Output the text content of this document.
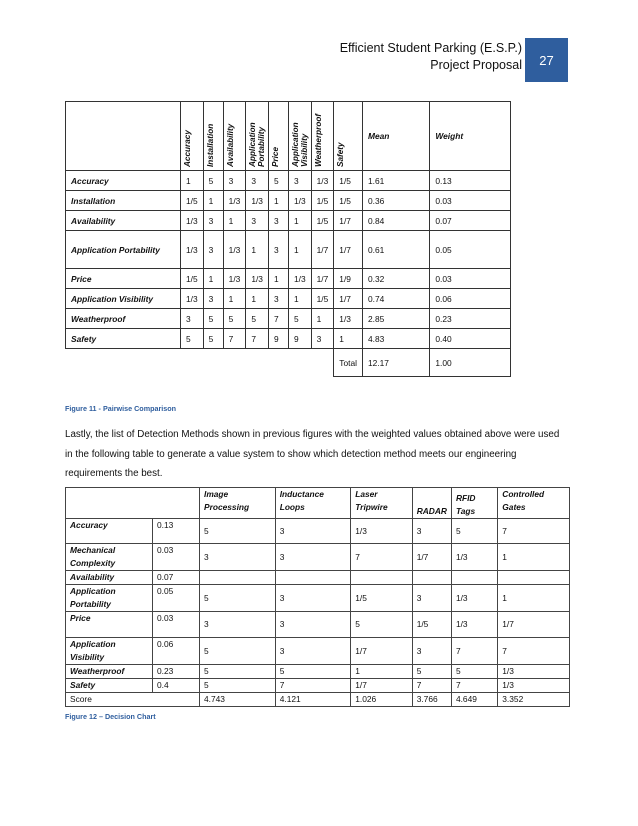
Efficient Student Parking (E.S.P.)
Project Proposal 27

	Accuracy	Installation	Availability	Application Portability	Price	Application Visibility	Weatherproof	Safety	Mean	Weight
Accuracy	1	5	3	3	5	3	1/3	1/5	1.61	0.13
Installation	1/5	1	1/3	1/3	1	1/3	1/5	1/5	0.36	0.03
Availability	1/3	3	1	3	3	1	1/5	1/7	0.84	0.07
Application Portability	1/3	3	1/3	1	3	1	1/7	1/7	0.61	0.05
Price	1/5	1	1/3	1/3	1	1/3	1/7	1/9	0.32	0.03
Application Visibility	1/3	3	1	1	3	1	1/5	1/7	0.74	0.06
Weatherproof	3	5	5	5	7	5	1	1/3	2.85	0.23
Safety	5	5	7	7	9	9	3	1	4.83	0.40
								Total	12.17	1.00
Figure 11 - Pairwise Comparison
Lastly, the list of Detection Methods shown in previous figures with the weighted values obtained above were used in the following table to generate a value system to show which detection method meets our engineering requirements the best.
		Image Processing	Inductance Loops	Laser Tripwire	RADAR	RFID Tags	Controlled Gates
Accuracy	0.13	5	3	1/3	3	5	7
Mechanical Complexity	0.03	3	3	7	1/7	1/3	1
Availability	0.07						
Application Portability	0.05	5	3	1/5	3	1/3	1
Price	0.03	3	3	5	1/5	1/3	1/7
Application Visibility	0.06	5	3	1/7	3	7	7
Weatherproof	0.23	5	5	1	5	5	1/3
Safety	0.4	5	7	1/7	7	7	1/3
Score		4.743	4.121	1.026	3.766	4.649	3.352
Figure 12 – Decision Chart
